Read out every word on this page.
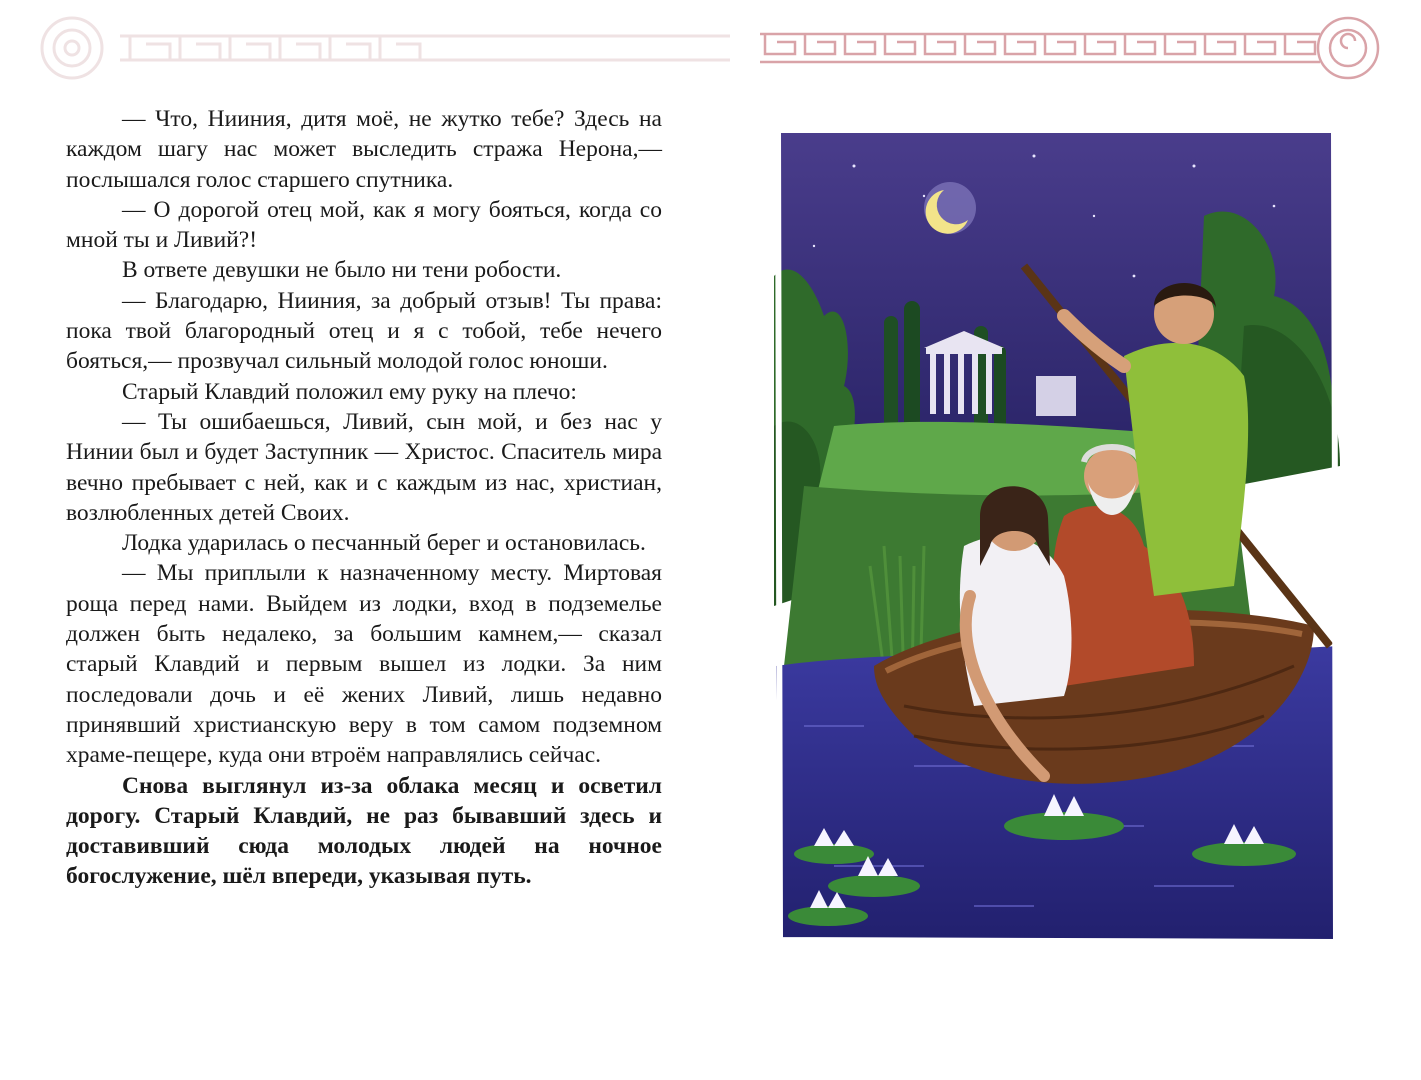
— Что, Нииния, дитя моё, не жутко тебе? Здесь на каждом шагу нас может выследить стража Нерона,— послышался голос старшего спутника.

— О дорогой отец мой, как я могу бояться, когда со мной ты и Ливий?!

В ответе девушки не было ни тени робости.

— Благодарю, Нииния, за добрый отзыв! Ты права: пока твой благородный отец и я с тобой, тебе нечего бояться,— прозвучал сильный молодой голос юноши.

Старый Клавдий положил ему руку на плечо:

— Ты ошибаешься, Ливий, сын мой, и без нас у Нинии был и будет Заступник — Христос. Спаситель мира вечно пребывает с ней, как и с каждым из нас, христиан, возлюбленных детей Своих.

Лодка ударилась о песчанный берег и остановилась.

— Мы приплыли к назначенному месту. Миртовая роща перед нами. Выйдем из лодки, вход в подземелье должен быть недалеко, за большим камнем,— сказал старый Клавдий и первым вышел из лодки. За ним последовали дочь и её жених Ливий, лишь недавно принявший христианскую веру в том самом подземном храме-пещере, куда они втроём направлялись сейчас.

Снова выглянул из-за облака месяц и осветил дорогу. Старый Клавдий, не раз бывавший здесь и доставивший сюда молодых людей на ночное богослужение, шёл впереди, указывая путь.
